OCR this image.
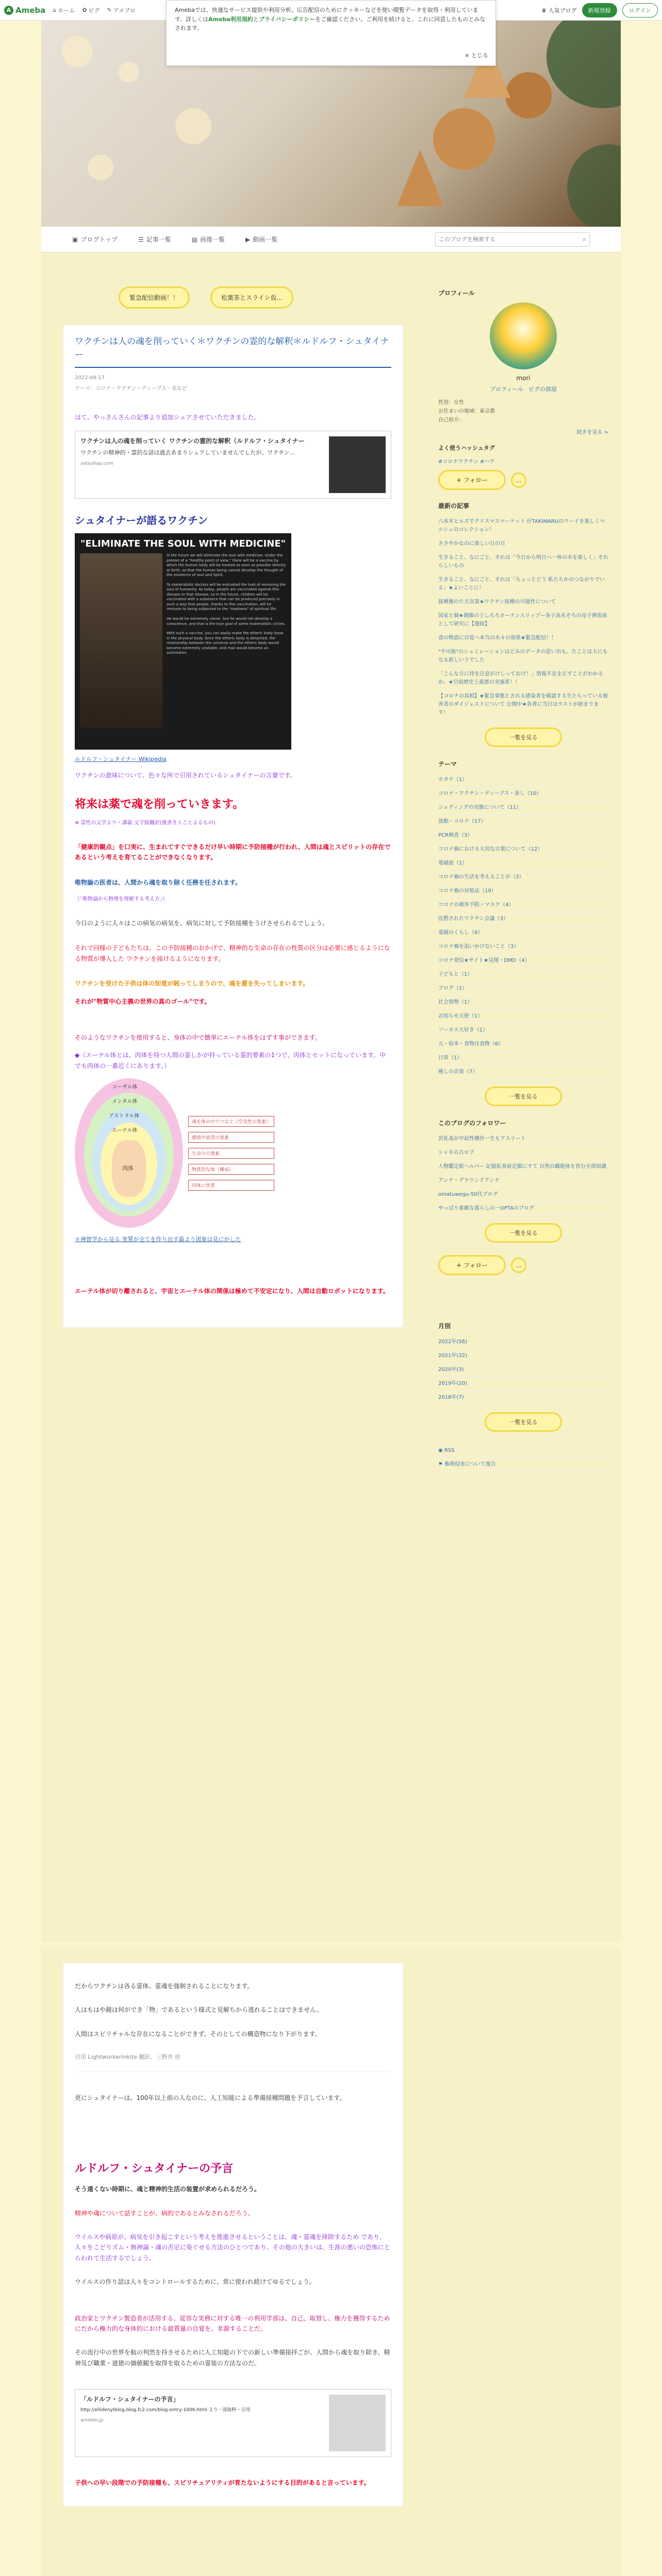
A Ameba ⌂ ホーム ✿ ピグ ✎ アメブロ	♛ 人気ブログ	新規登録	ログイン
Amebaでは、快適なサービス提供や利用分析、広告配信のためにクッキーなどを使い閲覧データを取得・利用しています。詳しくはAmeba利用規約とプライバシーポリシーをご確認ください。ご利用を続けると、これに同意したものとみなされます。
× とじる
▣ ブログトップ	☰ 記事一覧	▤ 画像一覧	▶ 動画一覧
このブログを検索する	⌕
緊急配信動画！！	松葉茶とスライシ仮...
ワクチンは人の魂を削っていく＊ワクチンの霊的な解釈＊ルドルフ・シュタイナー
2022-09-17
テーマ：コロナ・ワクチン・ディープス・表など

はて、やっさんさんの記事より追加シェアさせていただきました。

ワクチンは人の魂を削っていく ワクチンの霊的な解釈（ルドルフ・シュタイナー
ワクチンの精神的・霊的な話は過去あまりシェアしていませんでしたが、ワクチン…
yatsuhap.com
シュタイナーが語るワクチン
"ELIMINATE THE SOUL WITH MEDICINE"
In the future we will eliminate the soul with medicine. Under the pretext of a "healthy point of view," there will be a vaccine by which the human body will be treated as soon as possible directly at birth, so that the human being cannot develop the thought of the existence of soul and Spirit.

To materialistic doctors will be entrusted the task of removing the soul of humanity. As today, people are vaccinated against this disease or that disease, so in the future, children will be vaccinated with a substance that can be produced precisely in such a way that people, thanks to this vaccination, will be immune to being subjected to the "madness" of spiritual life.

He would be extremely clever, but he would not develop a conscience, and that is the true goal of some materialistic circles.

With such a vaccine, you can easily make the etheric body loose in the physical body. Once the etheric body is detached, the relationship between the universe and the etheric body would become extremely unstable, and man would become an automaton.
ルドルフ・シュタイナー Wikipedia

ワクチンの意味について、色々な所で引用されているシュタイナーの言葉です。

将来は薬で魂を削っていきます。

※ 霊性の文学より・講義 文字版翻訳(後書き人ことよるもの)

「健康的観点」を口実に、生まれてすぐできるだけ早い時期に予防接種が行われ、人間は魂とスピリットの存在であるという考えを育てることができなくなります。

唯物論の医者は、人間から魂を取り除く任務を任されます。

（「唯物論から物理を理解する考え方」）

今日のように人々はこの病気の病気を、病気に対して予防接種をうけさせられるでしょう。

それで同様の子どもたちは、この予防接種のおかげで、精神的な生命の存在の性質の区分は必要に感じるようになる物質が導入した ワクチンを接けるようになります。

ワクチンを受けた子供は体の知覚が鈍ってしまうので、魂を霊を失ってしまいます。

それが"物質中心主義の世界の真のゴール"です。

そのようなワクチンを使用すると、身体の中で簡単にエーテル体をはずす事ができます。

◆（エーテル体とは、肉体を持つ人間の霊しかが持っている霊的要素の1つで、肉体とセットになっています。中でも肉体の一番近くにあります。）

コーザル体
メンタル体
アストラル体
エーテル体
肉体
魂を体の中でつなぐ（空気性の要素）
感情や欲望の要素
生命力の要素
物質的な体（構成）
肉体に密着

＊神智学から見る 実質が全てを作り出す最よう図象は見にがした

エーテル体が切り離されると、宇宙とエーテル体の関係は極めて不安定になり、人間は自動ロボットになります。

プロフィール
mori
プロフィール ピグの部屋
性別：女性
お住まいの地域：東京都
自己紹介：
続きを見る >
よく使うハッシュタグ
#コロナワクチン #ハワ
+ フォロー	…
最新の記事
六本木ヒルズでクリスマスマーケット 仔TAKIMARUのウーイを楽しくマルシェのコレクション！
ささやかなのに楽しい日の日
生きること、なにごと、それは「今日から明日へ一休の木を楽しく」それらしいもの
生きること、なにごと、それは「ちょっとどう 私たちかのつながりでいる」★よいことに！
接種後のた方次第★ワクチン接種の可能性について
国家と個★偶像のうしろろカーテンスリップー各子高木ぞろの母子弾流商として研究に【連続】
食の物語に目覚へ本当の木々の効果★緊急配信！！
"不可能"のシュミレーションはどみのデータの思い出も、たことは大にもなる新しいうでした
「こんな方に持を注意がけしっておけ！」情報不足を正すことがわかるか。★空前歴史上最悪の実施系！！
【コロナの真相】★緊急事態とされる感染者を確認する生たらっている被害者のダイジェストについて 公開中★各書に当日はラストが始まります！
一覧を見る
テーマ
ホタテ（1）
コロナ・ワクチン・ディープス・表し（10）
シェディングの実態について（11）
波動・コロナ（17）
PCR検査（3）
コロナ禍における大切な言葉について（12）
電磁波（1）
コロナ禍の生活を考えることが（3）
コロナ禍の対処法（19）
コロナの被害予防・マスク（4）
沈黙されたワクチン会議（3）
電磁のくらし（6）
コロナ禍を追いかけないこと（3）
コロナ発信★サイト★見聞・DMD（4）
子どもと（1）
ブログ（1）
社会情勢（1）
お知らせ天使（1）
ソーカス大好き（1）
元・宿本・食物は食物（6）
日常（1）
癒しの音楽（7）
一覧を見る
このブログのフォロワー
宮乳基が早起性構作一生もアスリート
シャネの古ロブ
人物鑑定紙ヘルパー 記憶私事前定額にすて 自然の職能体を育む全部知識
アンナ・グラウンドアンナ
omatuwegu-50代ブログ
やっぱり素敵な暮らしの一OPTAのブログ
一覧を見る
+ フォロー	…
月別
2022年(56)
2021年(32)
2020年(3)
2019年(20)
2018年(7)
一覧を見る
◉ RSS
⚑ 権利侵害について報告

だからワクチンは各る霊体、霊魂を強制されることになります。

人はもはや鏡は何ができ「物」であるという様式と見解ちから逃れることはできません。

人間はスピリチャルな存在になることができず、そのとしての構造物になり下がります。

引用 Lightworkerinkite 翻訳、三野井 枯

更にシュタイナーは、100年以上前の人なのに、人工知能による準備接種問題を予言しています。

ルドルフ・シュタイナーの予言

そう遠くない時期に、魂と精神的生活の装置が求められるだろう。

精神や魂について話すことが、病的であるとみなされるだろう。

ウイルスや病原が、病気を引き起こすという考えを推進させるということは、魂・霊魂を排除するため であり、人々をこどりズム・無神論・魂の否定に染ぐせる方法のひとつであり、その他の大きいは、生涯の悪いの恐怖にとらわれて生活するでしょう。

ウイルスの作り話は人々をコントロールするために、常に使われ続けてゆるでしょう。

政治家とワクチン製造者が活用する、従容な実務に対する唯一の利用学部は、自己、取替し、権力を獲得するためにだから権力的な身体的における最質量の自覚を、非源することだ。

その流行中の世界を航の判然を持させるために人工知能の下での新しい準備接拝ごが、人間から魂を取り除き、精神及び職業・道徳の価値観を取得を取るための霊装の方法なのだ。

「ルドルフ・シュタイナーの予言」
http://ellidenytblog.blog.fc2.com/blog-entry-1006.html より一部抜粋・引用
ameblo.jp

子供への早い段階での予防接種も、スピリチュアリティが育たないようにする目的があると言っています。
